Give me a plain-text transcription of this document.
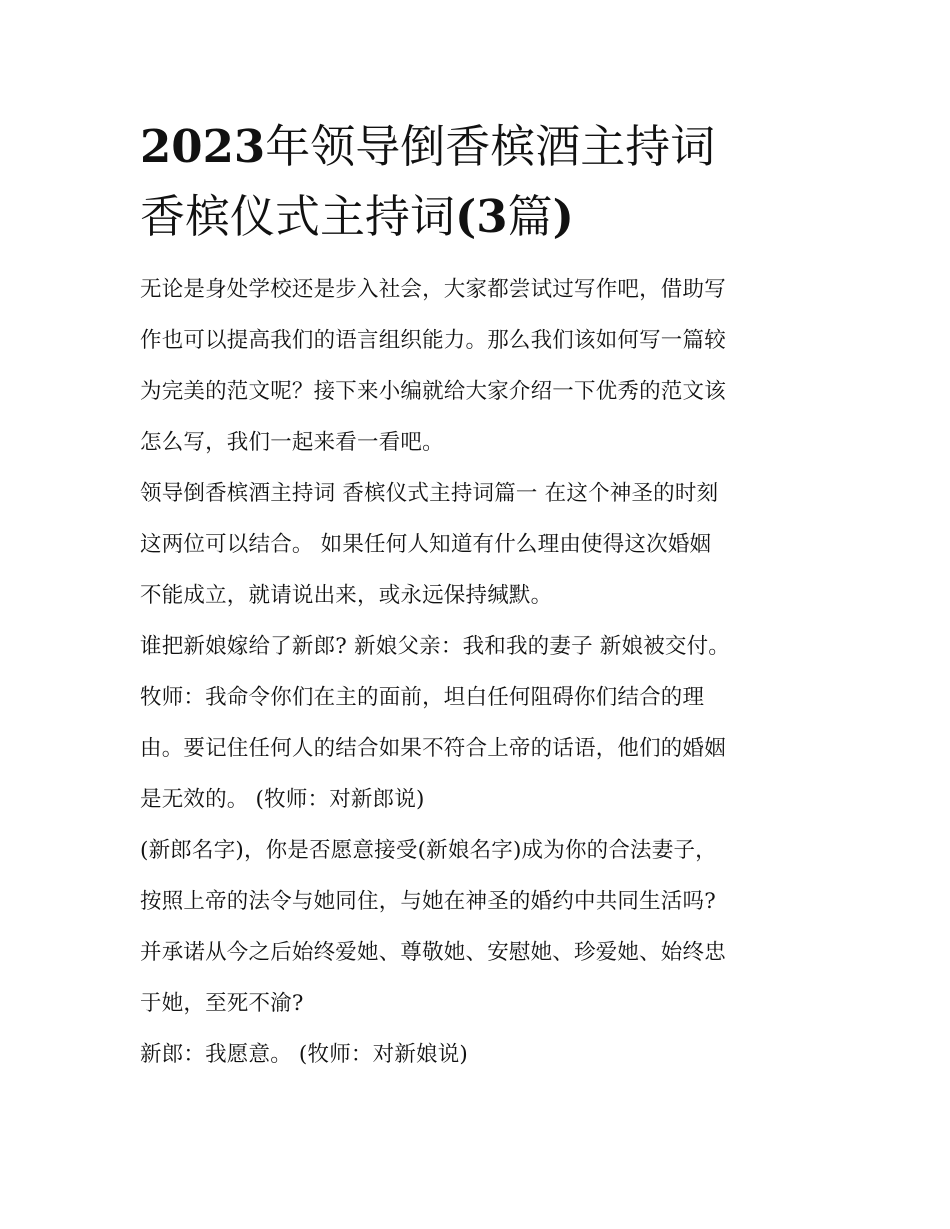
2023年领导倒香槟酒主持词
香槟仪式主持词(3篇)

无论是身处学校还是步入社会，大家都尝试过写作吧，借助写
作也可以提高我们的语言组织能力。那么我们该如何写一篇较
为完美的范文呢？接下来小编就给大家介绍一下优秀的范文该
怎么写，我们一起来看一看吧。

领导倒香槟酒主持词 香槟仪式主持词篇一 在这个神圣的时刻
这两位可以结合。 如果任何人知道有什么理由使得这次婚姻
不能成立，就请说出来，或永远保持缄默。

谁把新娘嫁给了新郎? 新娘父亲：我和我的妻子 新娘被交付。

牧师：我命令你们在主的面前，坦白任何阻碍你们结合的理
由。要记住任何人的结合如果不符合上帝的话语，他们的婚姻
是无效的。 (牧师：对新郎说)

(新郎名字)，你是否愿意接受(新娘名字)成为你的合法妻子，
按照上帝的法令与她同住，与她在神圣的婚约中共同生活吗?
并承诺从今之后始终爱她、尊敬她、安慰她、珍爱她、始终忠
于她，至死不渝?

新郎：我愿意。 (牧师：对新娘说)
